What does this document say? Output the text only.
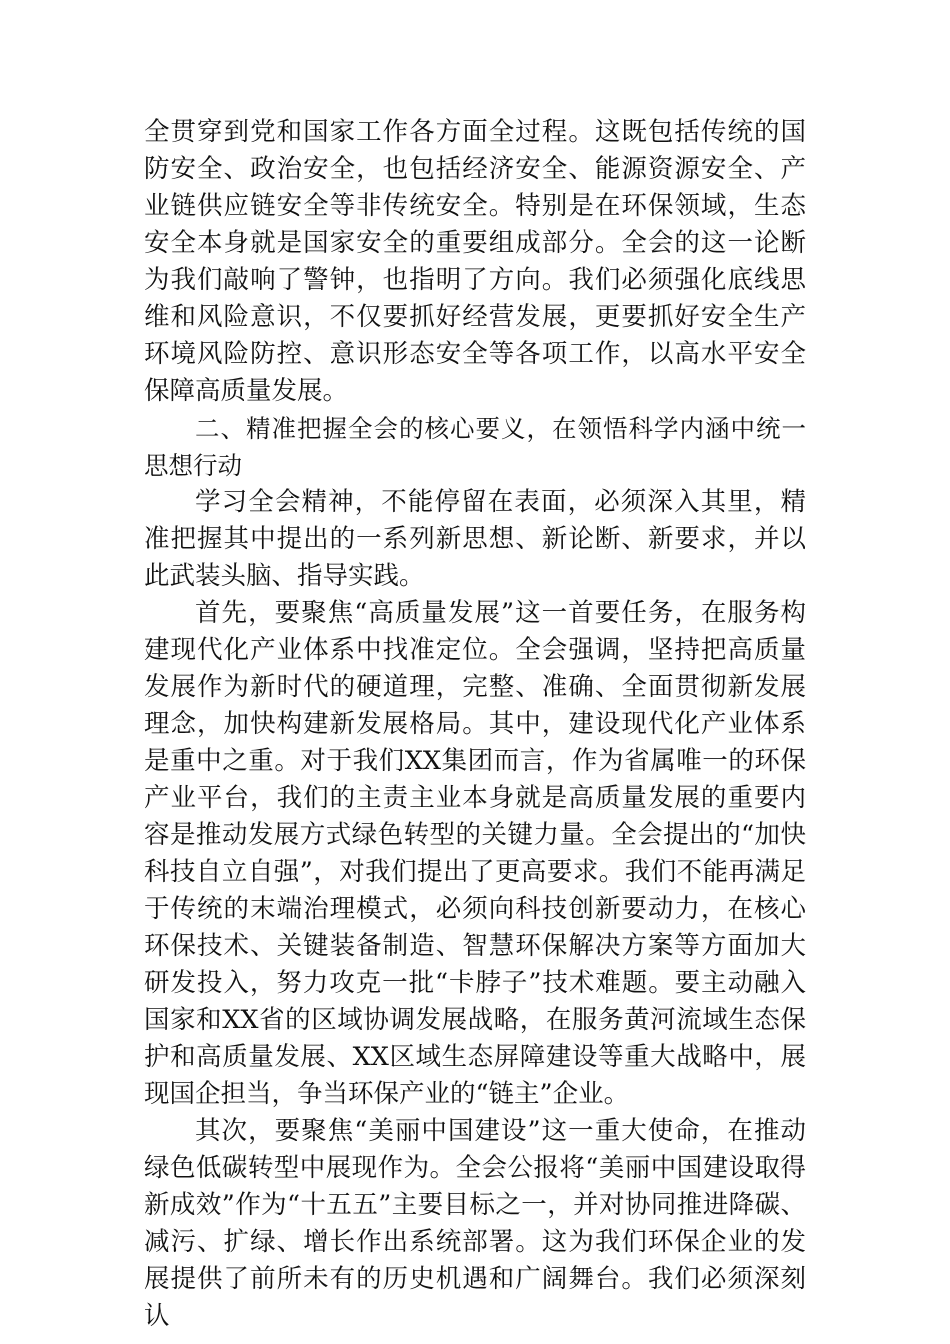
全贯穿到党和国家工作各方面全过程。这既包括传统的国防安全、政治安全，也包括经济安全、能源资源安全、产业链供应链安全等非传统安全。特别是在环保领域，生态安全本身就是国家安全的重要组成部分。全会的这一论断为我们敲响了警钟，也指明了方向。我们必须强化底线思维和风险意识，不仅要抓好经营发展，更要抓好安全生产环境风险防控、意识形态安全等各项工作，以高水平安全保障高质量发展。

二、精准把握全会的核心要义，在领悟科学内涵中统一思想行动

学习全会精神，不能停留在表面，必须深入其里，精准把握其中提出的一系列新思想、新论断、新要求，并以此武装头脑、指导实践。

首先，要聚焦“高质量发展”这一首要任务，在服务构建现代化产业体系中找准定位。全会强调，坚持把高质量发展作为新时代的硬道理，完整、准确、全面贯彻新发展理念，加快构建新发展格局。其中，建设现代化产业体系是重中之重。对于我们XX集团而言，作为省属唯一的环保产业平台，我们的主责主业本身就是高质量发展的重要内容是推动发展方式绿色转型的关键力量。全会提出的“加快科技自立自强”，对我们提出了更高要求。我们不能再满足于传统的末端治理模式，必须向科技创新要动力，在核心环保技术、关键装备制造、智慧环保解决方案等方面加大研发投入，努力攻克一批“卡脖子”技术难题。要主动融入国家和XX省的区域协调发展战略，在服务黄河流域生态保护和高质量发展、XX区域生态屏障建设等重大战略中，展现国企担当，争当环保产业的“链主”企业。

其次，要聚焦“美丽中国建设”这一重大使命，在推动绿色低碳转型中展现作为。全会公报将“美丽中国建设取得新成效”作为“十五五”主要目标之一，并对协同推进降碳、减污、扩绿、增长作出系统部署。这为我们环保企业的发展提供了前所未有的历史机遇和广阔舞台。我们必须深刻认
